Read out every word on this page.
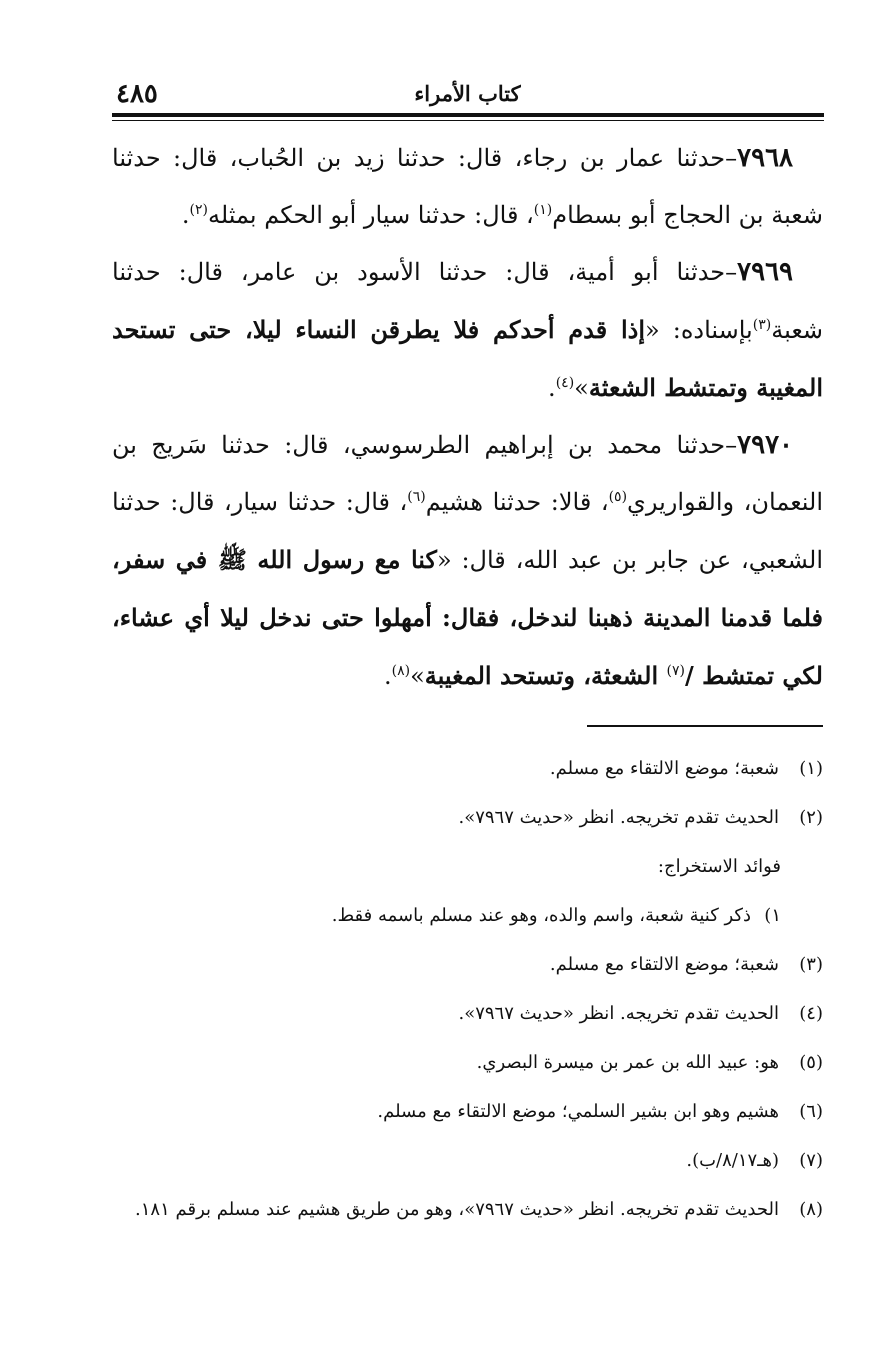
كتاب الأمراء
٤٨٥

٧٩٦٨–حدثنا عمار بن رجاء، قال: حدثنا زيد بن الحُباب، قال: حدثنا شعبة بن الحجاج أبو بسطام$^{(١)}$، قال: حدثنا سيار أبو الحكم بمثله$^{(٢)}$.

٧٩٦٩–حدثنا أبو أمية، قال: حدثنا الأسود بن عامر، قال: حدثنا شعبة$^{(٣)}$بإسناده: «إذا قدم أحدكم فلا يطرقن النساء ليلا، حتى تستحد المغيبة وتمتشط الشعثة»$^{(٤)}$.

٧٩٧٠–حدثنا محمد بن إبراهيم الطرسوسي، قال: حدثنا سَريج بن النعمان، والقواريري$^{(٥)}$، قالا: حدثنا هشيم$^{(٦)}$، قال: حدثنا سيار، قال: حدثنا الشعبي، عن جابر بن عبد الله، قال: «كنا مع رسول الله ﷺ في سفر، فلما قدمنا المدينة ذهبنا لندخل، فقال: أمهلوا حتى ندخل ليلا أي عشاء، لكي تمتشط /$^{(٧)}$ الشعثة، وتستحد المغيبة»$^{(٨)}$.

(١)شعبة؛ موضع الالتقاء مع مسلم.
(٢)الحديث تقدم تخريجه. انظر «حديث ٧٩٦٧».
فوائد الاستخراج:
١)ذكر كنية شعبة، واسم والده، وهو عند مسلم باسمه فقط.
(٣)شعبة؛ موضع الالتقاء مع مسلم.
(٤)الحديث تقدم تخريجه. انظر «حديث ٧٩٦٧».
(٥)هو: عبيد الله بن عمر بن ميسرة البصري.
(٦)هشيم وهو ابن بشير السلمي؛ موضع الالتقاء مع مسلم.
(٧)(هـ٨/١٧/ب).
(٨)الحديث تقدم تخريجه. انظر «حديث ٧٩٦٧»، وهو من طريق هشيم عند مسلم برقم ١٨١.
